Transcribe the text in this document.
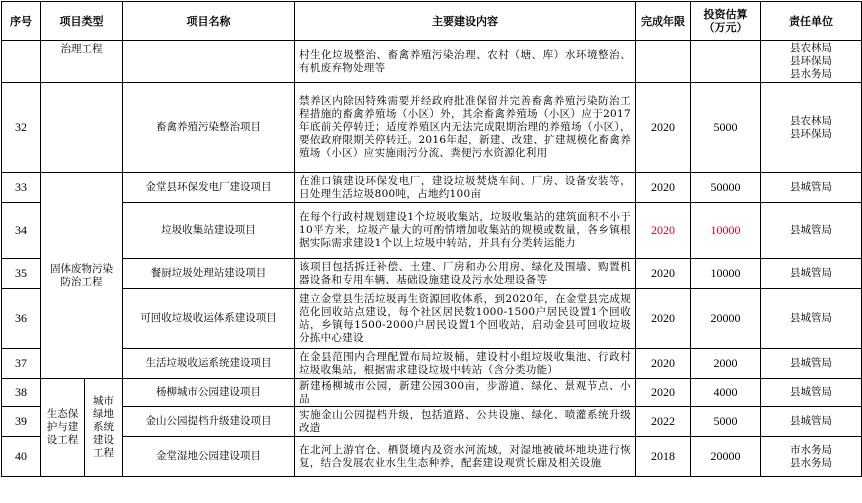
序号	项目类型		项目名称	主要建设内容	完成年限	投资估算（万元）	责任单位
	治理工程			村生化垃圾整治、畜禽养殖污染治理、农村（塘、库）水环境整治、有机废弃物处理等			县农林局
县环保局
县水务局

32			畜禽养殖污染整治项目	禁养区内除因特殊需要并经政府批准保留并完善畜禽养殖污染防治工程措施的畜禽养殖场（小区）外，其余畜禽养殖场（小区）应于2017年底前关停转迁；适度养殖区内无法完成限期治理的养殖场（小区），要依政府限期关停转迁。2016年起，新建、改建、扩建规模化畜禽养殖场（小区）应实施雨污分流、粪便污水资源化利用	2020	5000	县农林局
县环保局

33	固体废物污染防治工程		金堂县环保发电厂建设项目	在淮口镇建设环保发电厂，建设垃圾焚烧车间、厂房、设备安装等，日处理生活垃圾800吨，占地约100亩	2020	50000	县城管局

34			垃圾收集站建设项目	在每个行政村规划建设1个垃圾收集站，垃圾收集站的建筑面积不小于10平方米，垃圾产量大的可酌情增加收集站的规模或数量，各乡镇根据实际需求建设1个以上垃圾中转站，并具有分类转运能力	2020	10000	县城管局

35			餐厨垃圾处理站建设项目	该项目包括拆迁补偿、土建、厂房和办公用房、绿化及围墙、购置机器设备和专用车辆、基础设施建设及污水处理设备等	2020	10000	县城管局

36			可回收垃圾收运体系建设项目	建立金堂县生活垃圾再生资源回收体系，到2020年，在金堂县完成规范化回收站点建设，每个社区居民数1000-1500户居民设置1个回收站，乡镇每1500-2000户居民设置1个回收站，启动金县可回收垃圾分拣中心建设	2020	20000	县城管局

37			生活垃圾收运系统建设项目	在金县范围内合理配置布局垃圾桶，建设村小组垃圾收集池、行政村垃圾收集站，根据需求建设垃圾中转站（含分类功能）	2020	2000	县城管局

38	生态保护与建设工程	城市绿地系统建设工程	杨柳城市公园建设项目	新建杨柳城市公园，新建公园300亩，步游道、绿化、景观节点、小品	2020	4000	县城管局

39			金山公园提档升级建设项目	实施金山公园提档升级，包括道路、公共设施、绿化、喷灌系统升级改造	2022	5000	县城管局

40			金堂湿地公园建设项目	在北河上游官仓、栖贤境内及资水河流域，对湿地被破坏地块进行恢复，结合发展农业水生生态种养，配套建设观赏长廊及相关设施	2018	20000	市水务局
县水务局
